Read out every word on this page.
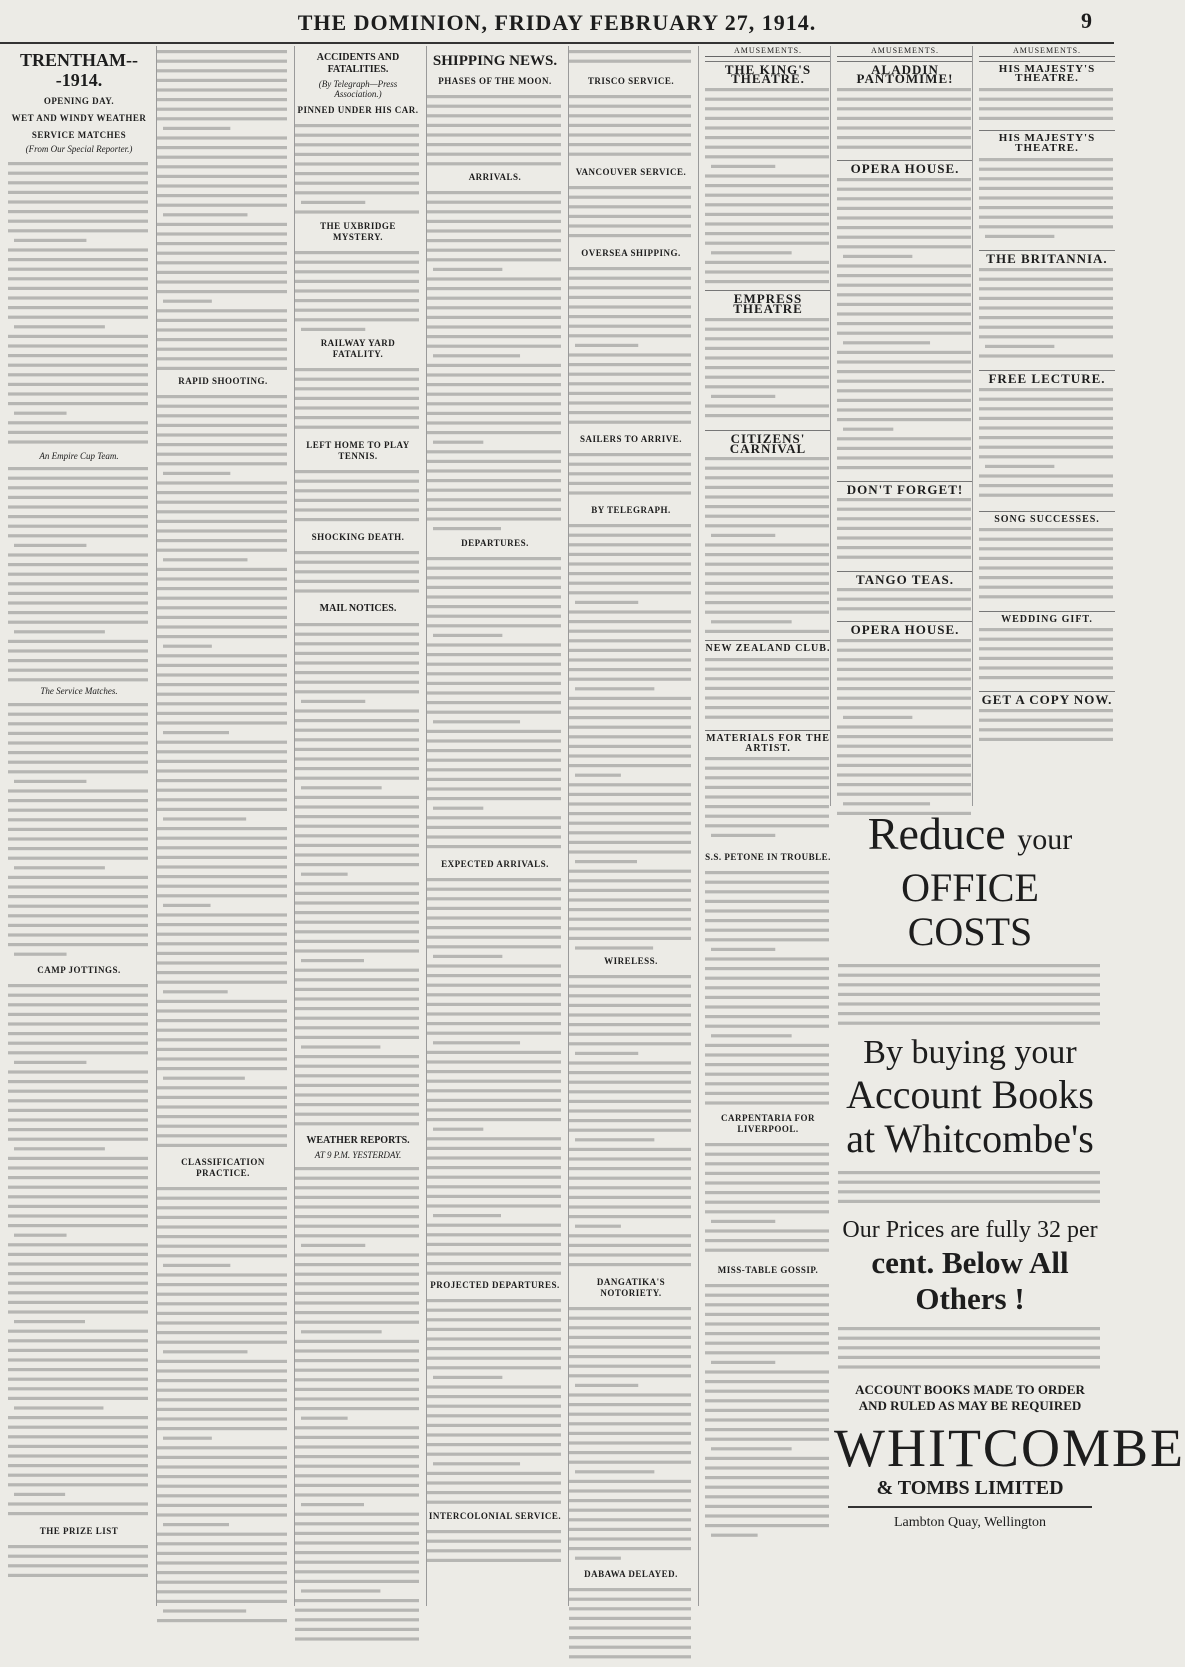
THE DOMINION, FRIDAY FEBRUARY 27, 1914.	9
TRENTHAM---1914.
OPENING DAY.
WET AND WINDY WEATHER
SERVICE MATCHES
(From Our Special Reporter.)
An Empire Cup Team.
The Service Matches.
CAMP JOTTINGS.
THE PRIZE LIST
RAPID SHOOTING.
CLASSIFICATION PRACTICE.
ACCIDENTS AND FATALITIES.
(By Telegraph—Press Association.)
PINNED UNDER HIS CAR.
THE UXBRIDGE MYSTERY.
RAILWAY YARD FATALITY.
LEFT HOME TO PLAY TENNIS.
SHOCKING DEATH.
MAIL NOTICES.
WEATHER REPORTS.
AT 9 P.M. YESTERDAY.
SHIPPING NEWS.
PHASES OF THE MOON.
ARRIVALS.
DEPARTURES.
EXPECTED ARRIVALS.
PROJECTED DEPARTURES.
INTERCOLONIAL SERVICE.
TRISCO SERVICE.
VANCOUVER SERVICE.
OVERSEA SHIPPING.
SAILERS TO ARRIVE.
BY TELEGRAPH.
WIRELESS.
DANGATIKA'S NOTORIETY.
DABAWA DELAYED.
AMUSEMENTS.
THE KING'S THEATRE.
EMPRESS THEATRE
CITIZENS' CARNIVAL
NEW ZEALAND CLUB.
MATERIALS FOR THE ARTIST.
S.S. PETONE IN TROUBLE.
CARPENTARIA FOR LIVERPOOL.
MISS-TABLE GOSSIP.
AMUSEMENTS.
ALADDIN PANTOMIME!
OPERA HOUSE.
DON'T FORGET!
TANGO TEAS.
OPERA HOUSE.
AMUSEMENTS.
HIS MAJESTY'S THEATRE.
HIS MAJESTY'S THEATRE.
THE BRITANNIA.
FREE LECTURE.
SONG SUCCESSES.
WEDDING GIFT.
GET A COPY NOW.
Reduce your
OFFICE COSTS
By buying your
Account Books
at Whitcombe's
Our Prices are fully 32 per
cent. Below All Others !
ACCOUNT BOOKS MADE TO ORDER
AND RULED AS MAY BE REQUIRED
WHITCOMBE
& TOMBS LIMITED
Lambton Quay, Wellington
